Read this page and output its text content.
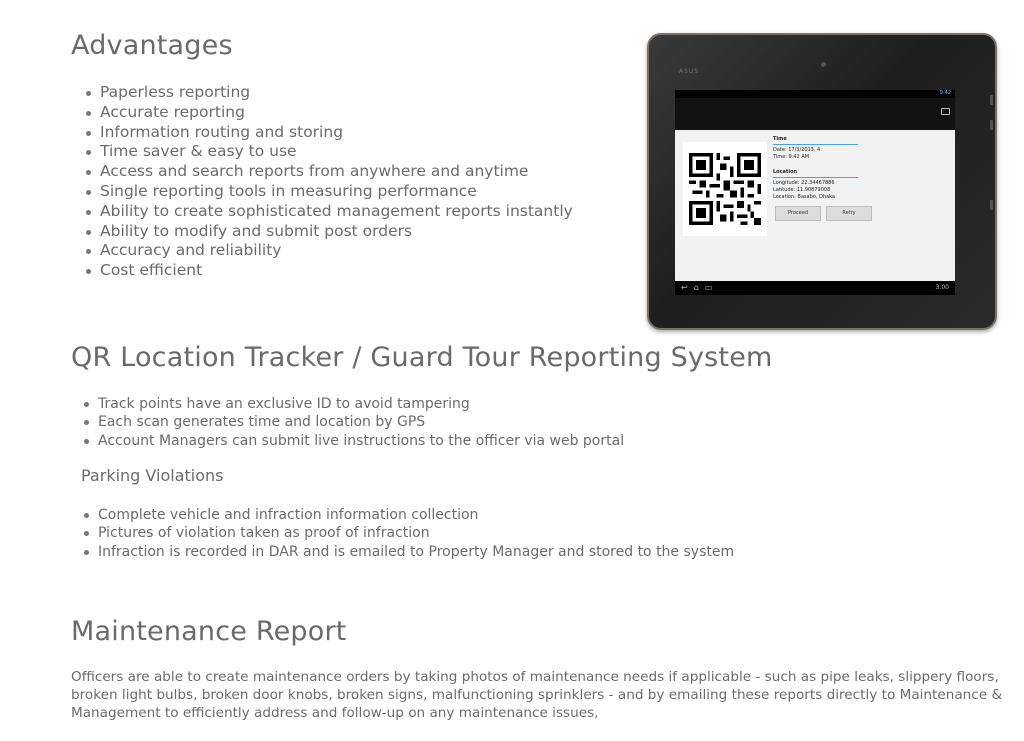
Advantages
Paperless reporting
Accurate reporting
Information routing and storing
Time saver & easy to use
Access and search reports from anywhere and anytime
Single reporting tools in measuring performance
Ability to create sophisticated management reports instantly
Ability to modify and submit post orders
Accuracy and reliability
Cost efficient
ASUS
9:42
Time
Date: 17/3/2013, 4
Time: 9:42 AM
Location
Longitude: 22.34467886
Latitude: 11.90879008
Location: Basabo, Dhaka
Proceed	Retry
↩⌂▭	3:00
QR Location Tracker / Guard Tour Reporting System
Track points have an exclusive ID to avoid tampering
Each scan generates time and location by GPS
Account Managers can submit live instructions to the officer via web portal
Parking Violations
Complete vehicle and infraction information collection
Pictures of violation taken as proof of infraction
Infraction is recorded in DAR and is emailed to Property Manager and stored to the system
Maintenance Report

Officers are able to create maintenance orders by taking photos of maintenance needs if applicable - such as pipe leaks, slippery floors, broken light bulbs, broken door knobs, broken signs, malfunctioning sprinklers - and by emailing these reports directly to Maintenance & Management to efficiently address and follow-up on any maintenance issues,
